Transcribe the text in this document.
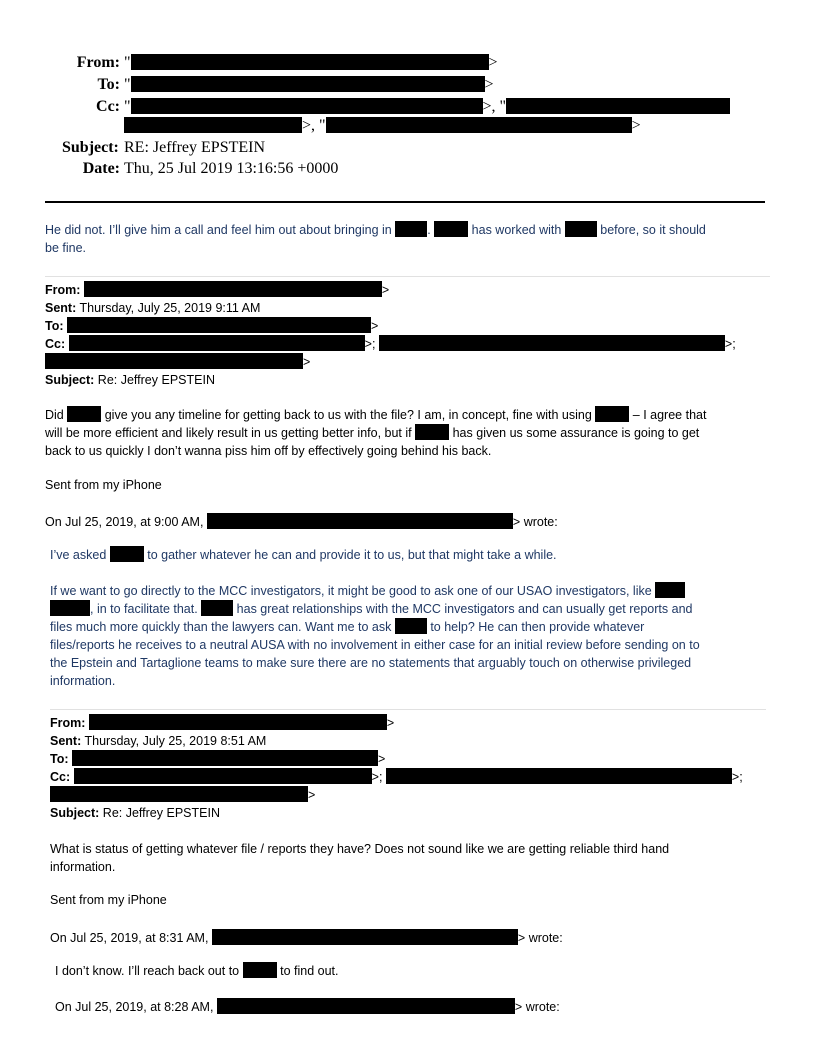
From: "	>
To: "	>
Cc: "	>, "
>, "	>
Subject: RE: Jeffrey EPSTEIN
Date: Thu, 25 Jul 2019 13:16:56 +0000
He did not. I’ll give him a call and feel him out about bringing in	.	has worked with	before, so it should
be fine.
From:	>
Sent: Thursday, July 25, 2019 9:11 AM
To:	>
Cc:	>;	>;
>
Subject: Re: Jeffrey EPSTEIN
Did	give you any timeline for getting back to us with the file? I am, in concept, fine with using	– I agree that
will be more efficient and likely result in us getting better info, but if	has given us some assurance is going to get
back to us quickly I don’t wanna piss him off by effectively going behind his back.
Sent from my iPhone
On Jul 25, 2019, at 9:00 AM,	> wrote:
I’ve asked	to gather whatever he can and provide it to us, but that might take a while.
If we want to go directly to the MCC investigators, it might be good to ask one of our USAO investigators, like
, in to facilitate that.	has great relationships with the MCC investigators and can usually get reports and
files much more quickly than the lawyers can. Want me to ask	to help? He can then provide whatever
files/reports he receives to a neutral AUSA with no involvement in either case for an initial review before sending on to
the Epstein and Tartaglione teams to make sure there are no statements that arguably touch on otherwise privileged
information.
From:	>
Sent: Thursday, July 25, 2019 8:51 AM
To:	>
Cc:	>;	>;
>
Subject: Re: Jeffrey EPSTEIN
What is status of getting whatever file / reports they have? Does not sound like we are getting reliable third hand
information.
Sent from my iPhone
On Jul 25, 2019, at 8:31 AM,	> wrote:
I don’t know. I’ll reach back out to	to find out.
On Jul 25, 2019, at 8:28 AM,	> wrote:
